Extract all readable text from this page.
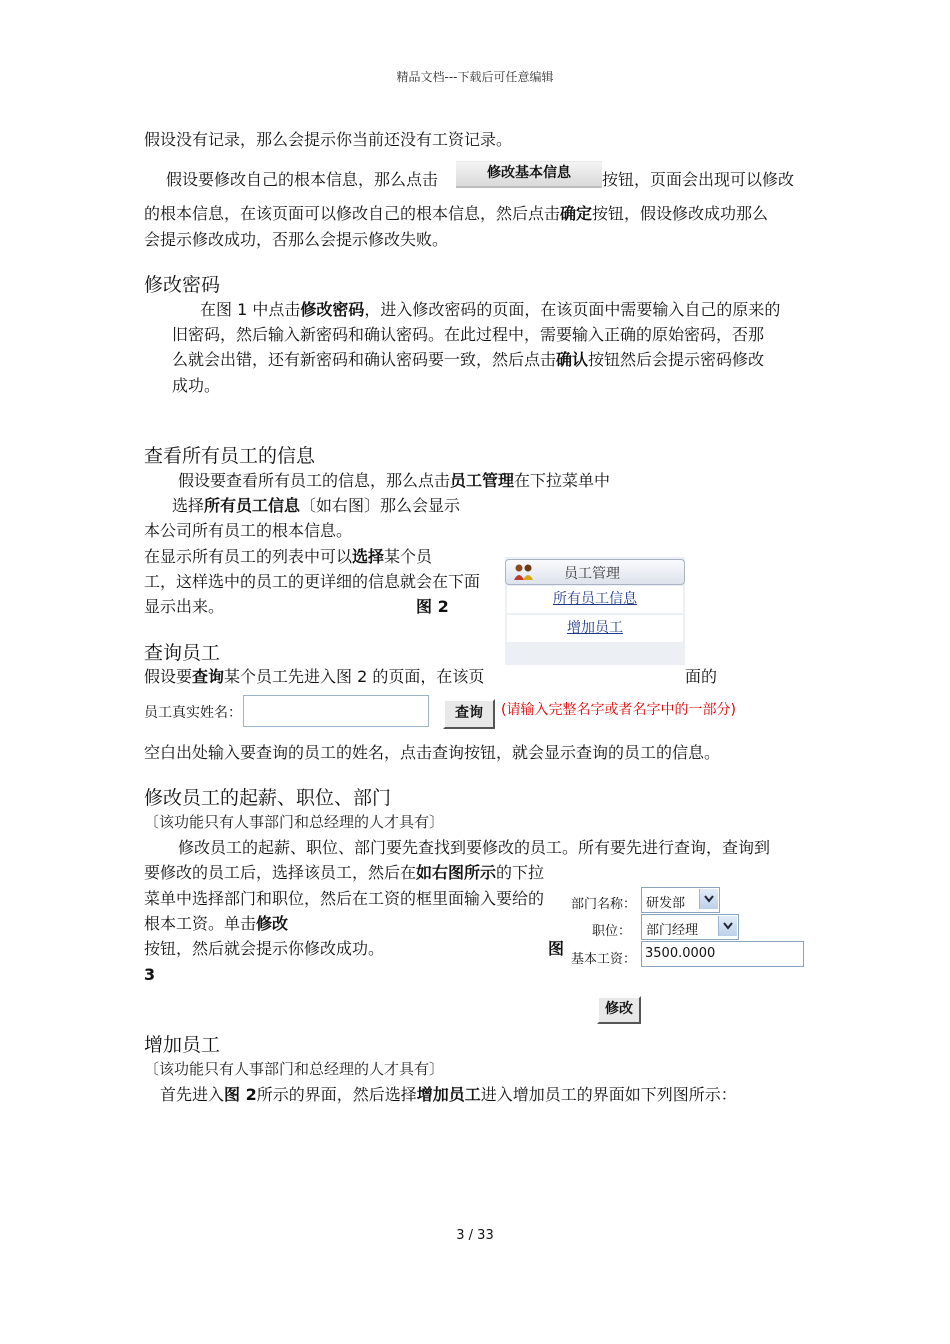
精品文档---下载后可任意编辑
假设没有记录，那么会提示你当前还没有工资记录。
假设要修改自己的根本信息，那么点击	修改基本信息	按钮，页面会出现可以修改
的根本信息，在该页面可以修改自己的根本信息，然后点击确定按钮，假设修改成功那么
会提示修改成功，否那么会提示修改失败。
修改密码
在图 1 中点击修改密码，进入修改密码的页面，在该页面中需要输入自己的原来的
旧密码，然后输入新密码和确认密码。在此过程中，需要输入正确的原始密码，否那
么就会出错，还有新密码和确认密码要一致，然后点击确认按钮然后会提示密码修改
成功。
查看所有员工的信息
假设要查看所有员工的信息，那么点击员工管理在下拉菜单中
选择所有员工信息〔如右图〕那么会显示
本公司所有员工的根本信息。
在显示所有员工的列表中可以选择某个员
工，这样选中的员工的更详细的信息就会在下面
显示出来。	图 2
员工管理
所有员工信息
增加员工
查询员工
假设要查询某个员工先进入图 2 的页面，在该页	面的
员工真实姓名：	查询	(请输入完整名字或者名字中的一部分)
空白出处输入要查询的员工的姓名，点击查询按钮，就会显示查询的员工的信息。
修改员工的起薪、职位、部门
〔该功能只有人事部门和总经理的人才具有〕
修改员工的起薪、职位、部门要先查找到要修改的员工。所有要先进行查询，查询到
要修改的员工后，选择该员工，然后在如右图所示的下拉
菜单中选择部门和职位，然后在工资的框里面输入要给的
根本工资。单击修改
按钮，然后就会提示你修改成功。	图
3
部门名称： 研发部
职位： 部门经理
基本工资： 3500.0000
修改
增加员工
〔该功能只有人事部门和总经理的人才具有〕
首先进入图 2所示的界面，然后选择增加员工进入增加员工的界面如下列图所示：
3 / 33
